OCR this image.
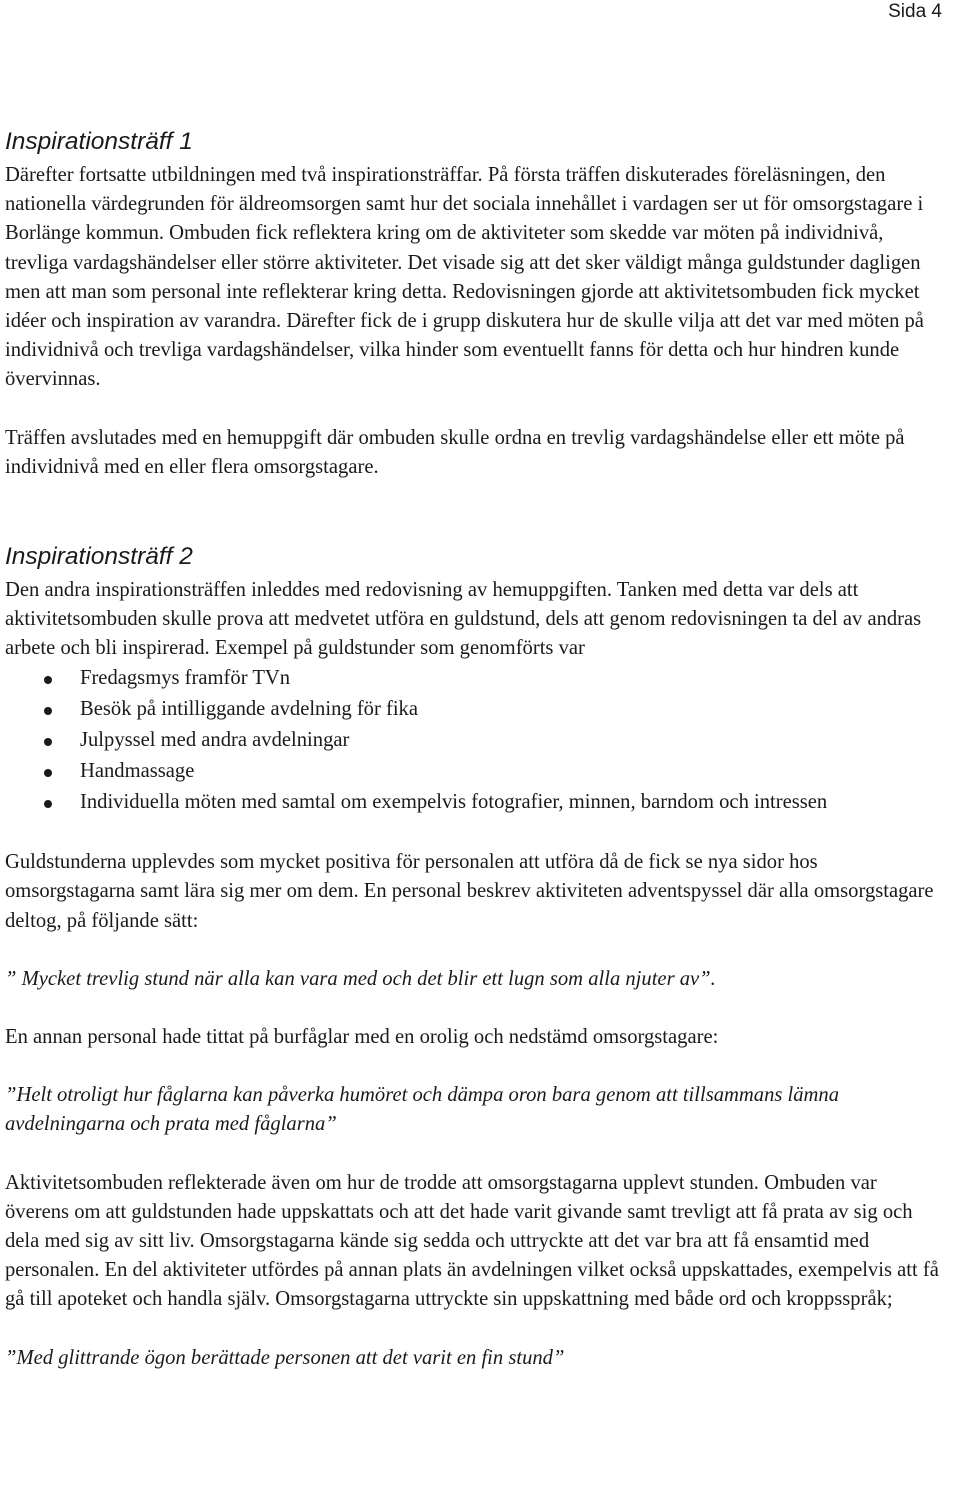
Sida 4
Inspirationsträff 1

Därefter fortsatte utbildningen med två inspirationsträffar. På första träffen diskuterades föreläsningen, den nationella värdegrunden för äldreomsorgen samt hur det sociala innehållet i vardagen ser ut för omsorgstagare i Borlänge kommun. Ombuden fick reflektera kring om de aktiviteter som skedde var möten på individnivå, trevliga vardagshändelser eller större aktiviteter. Det visade sig att det sker väldigt många guldstunder dagligen men att man som personal inte reflekterar kring detta. Redovisningen gjorde att aktivitetsombuden fick mycket idéer och inspiration av varandra. Därefter fick de i grupp diskutera hur de skulle vilja att det var med möten på individnivå och trevliga vardagshändelser, vilka hinder som eventuellt fanns för detta och hur hindren kunde övervinnas.

Träffen avslutades med en hemuppgift där ombuden skulle ordna en trevlig vardagshändelse eller ett möte på individnivå med en eller flera omsorgstagare.

Inspirationsträff 2

Den andra inspirationsträffen inleddes med redovisning av hemuppgiften. Tanken med detta var dels att aktivitetsombuden skulle prova att medvetet utföra en guldstund, dels att genom redovisningen ta del av andras arbete och bli inspirerad. Exempel på guldstunder som genomförts var

Fredagsmys framför TVn
Besök på intilliggande avdelning för fika
Julpyssel med andra avdelningar
Handmassage
Individuella möten med samtal om exempelvis fotografier, minnen, barndom och intressen

Guldstunderna upplevdes som mycket positiva för personalen att utföra då de fick se nya sidor hos omsorgstagarna samt lära sig mer om dem. En personal beskrev aktiviteten adventspyssel där alla omsorgstagare deltog, på följande sätt:

” Mycket trevlig stund när alla kan vara med och det blir ett lugn som alla njuter av”.

En annan personal hade tittat på burfåglar med en orolig och nedstämd omsorgstagare:

”Helt otroligt hur fåglarna kan påverka humöret och dämpa oron bara genom att tillsammans lämna avdelningarna och prata med fåglarna”

Aktivitetsombuden reflekterade även om hur de trodde att omsorgstagarna upplevt stunden. Ombuden var överens om att guldstunden hade uppskattats och att det hade varit givande samt trevligt att få prata av sig och dela med sig av sitt liv. Omsorgstagarna kände sig sedda och uttryckte att det var bra att få ensamtid med personalen. En del aktiviteter utfördes på annan plats än avdelningen vilket också uppskattades, exempelvis att få gå till apoteket och handla själv. Omsorgstagarna uttryckte sin uppskattning med både ord och kroppsspråk;

”Med glittrande ögon berättade personen att det varit en fin stund”
